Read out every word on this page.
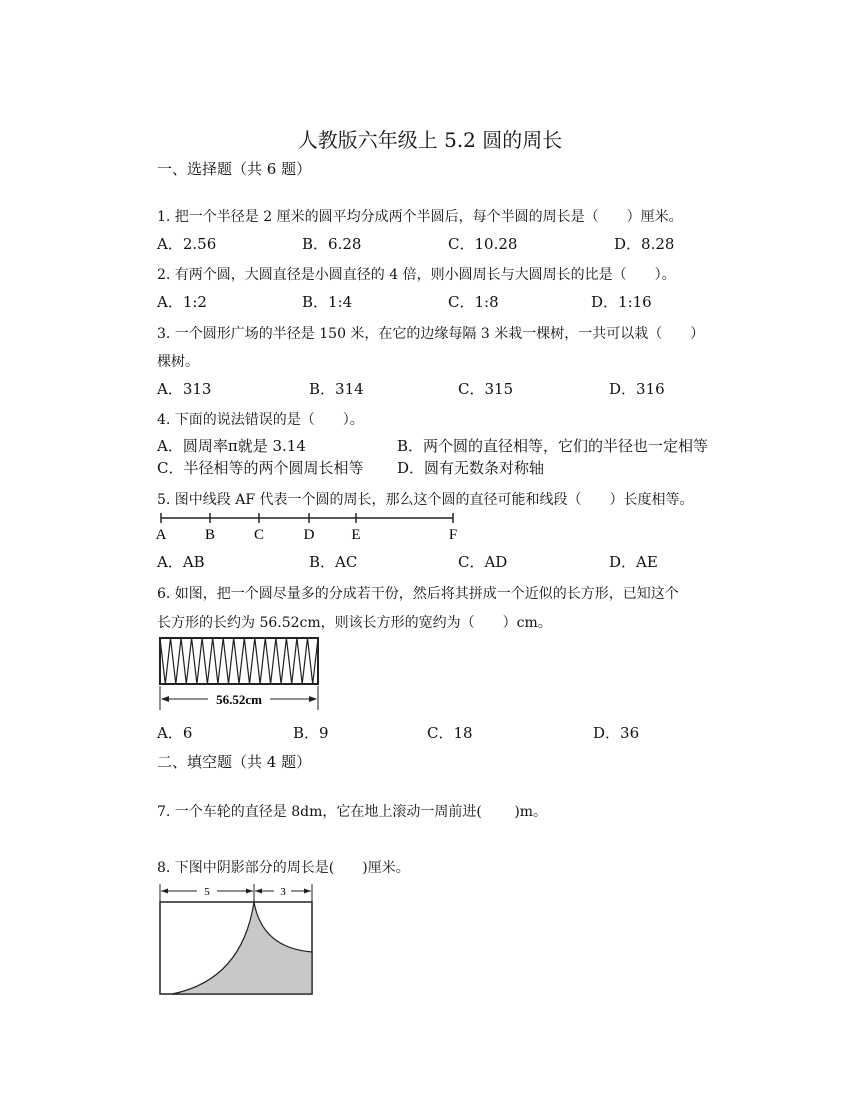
人教版六年级上 5.2 圆的周长
一、选择题（共 6 题）
1. 把一个半径是 2 厘米的圆平均分成两个半圆后，每个半圆的周长是（　　）厘米。
A．2.56	B．6.28	C．10.28	D．8.28
2. 有两个圆，大圆直径是小圆直径的 4 倍，则小圆周长与大圆周长的比是（　　）。
A．1:2	B．1:4	C．1:8	D．1:16
3. 一个圆形广场的半径是 150 米，在它的边缘每隔 3 米栽一棵树，一共可以栽（　　）
棵树。
A．313	B．314	C．315	D．316
4. 下面的说法错误的是（　　）。
A．圆周率π就是 3.14	B．两个圆的直径相等，它们的半径也一定相等
C．半径相等的两个圆周长相等 D．圆有无数条对称轴
5. 图中线段 AF 代表一个圆的周长，那么这个圆的直径可能和线段（　　）长度相等。
A	B	C	D E	F
A．AB	B．AC	C．AD	D．AE
6. 如图，把一个圆尽量多的分成若干份，然后将其拼成一个近似的长方形，已知这个
长方形的长约为 56.52cm，则该长方形的宽约为（　　）cm。
56.52cm
A．6	B．9	C．18	D．36
二、填空题（共 4 题）
7. 一个车轮的直径是 8dm，它在地上滚动一周前进(　　 )m。
8. 下图中阴影部分的周长是(　　)厘米。
5	3
